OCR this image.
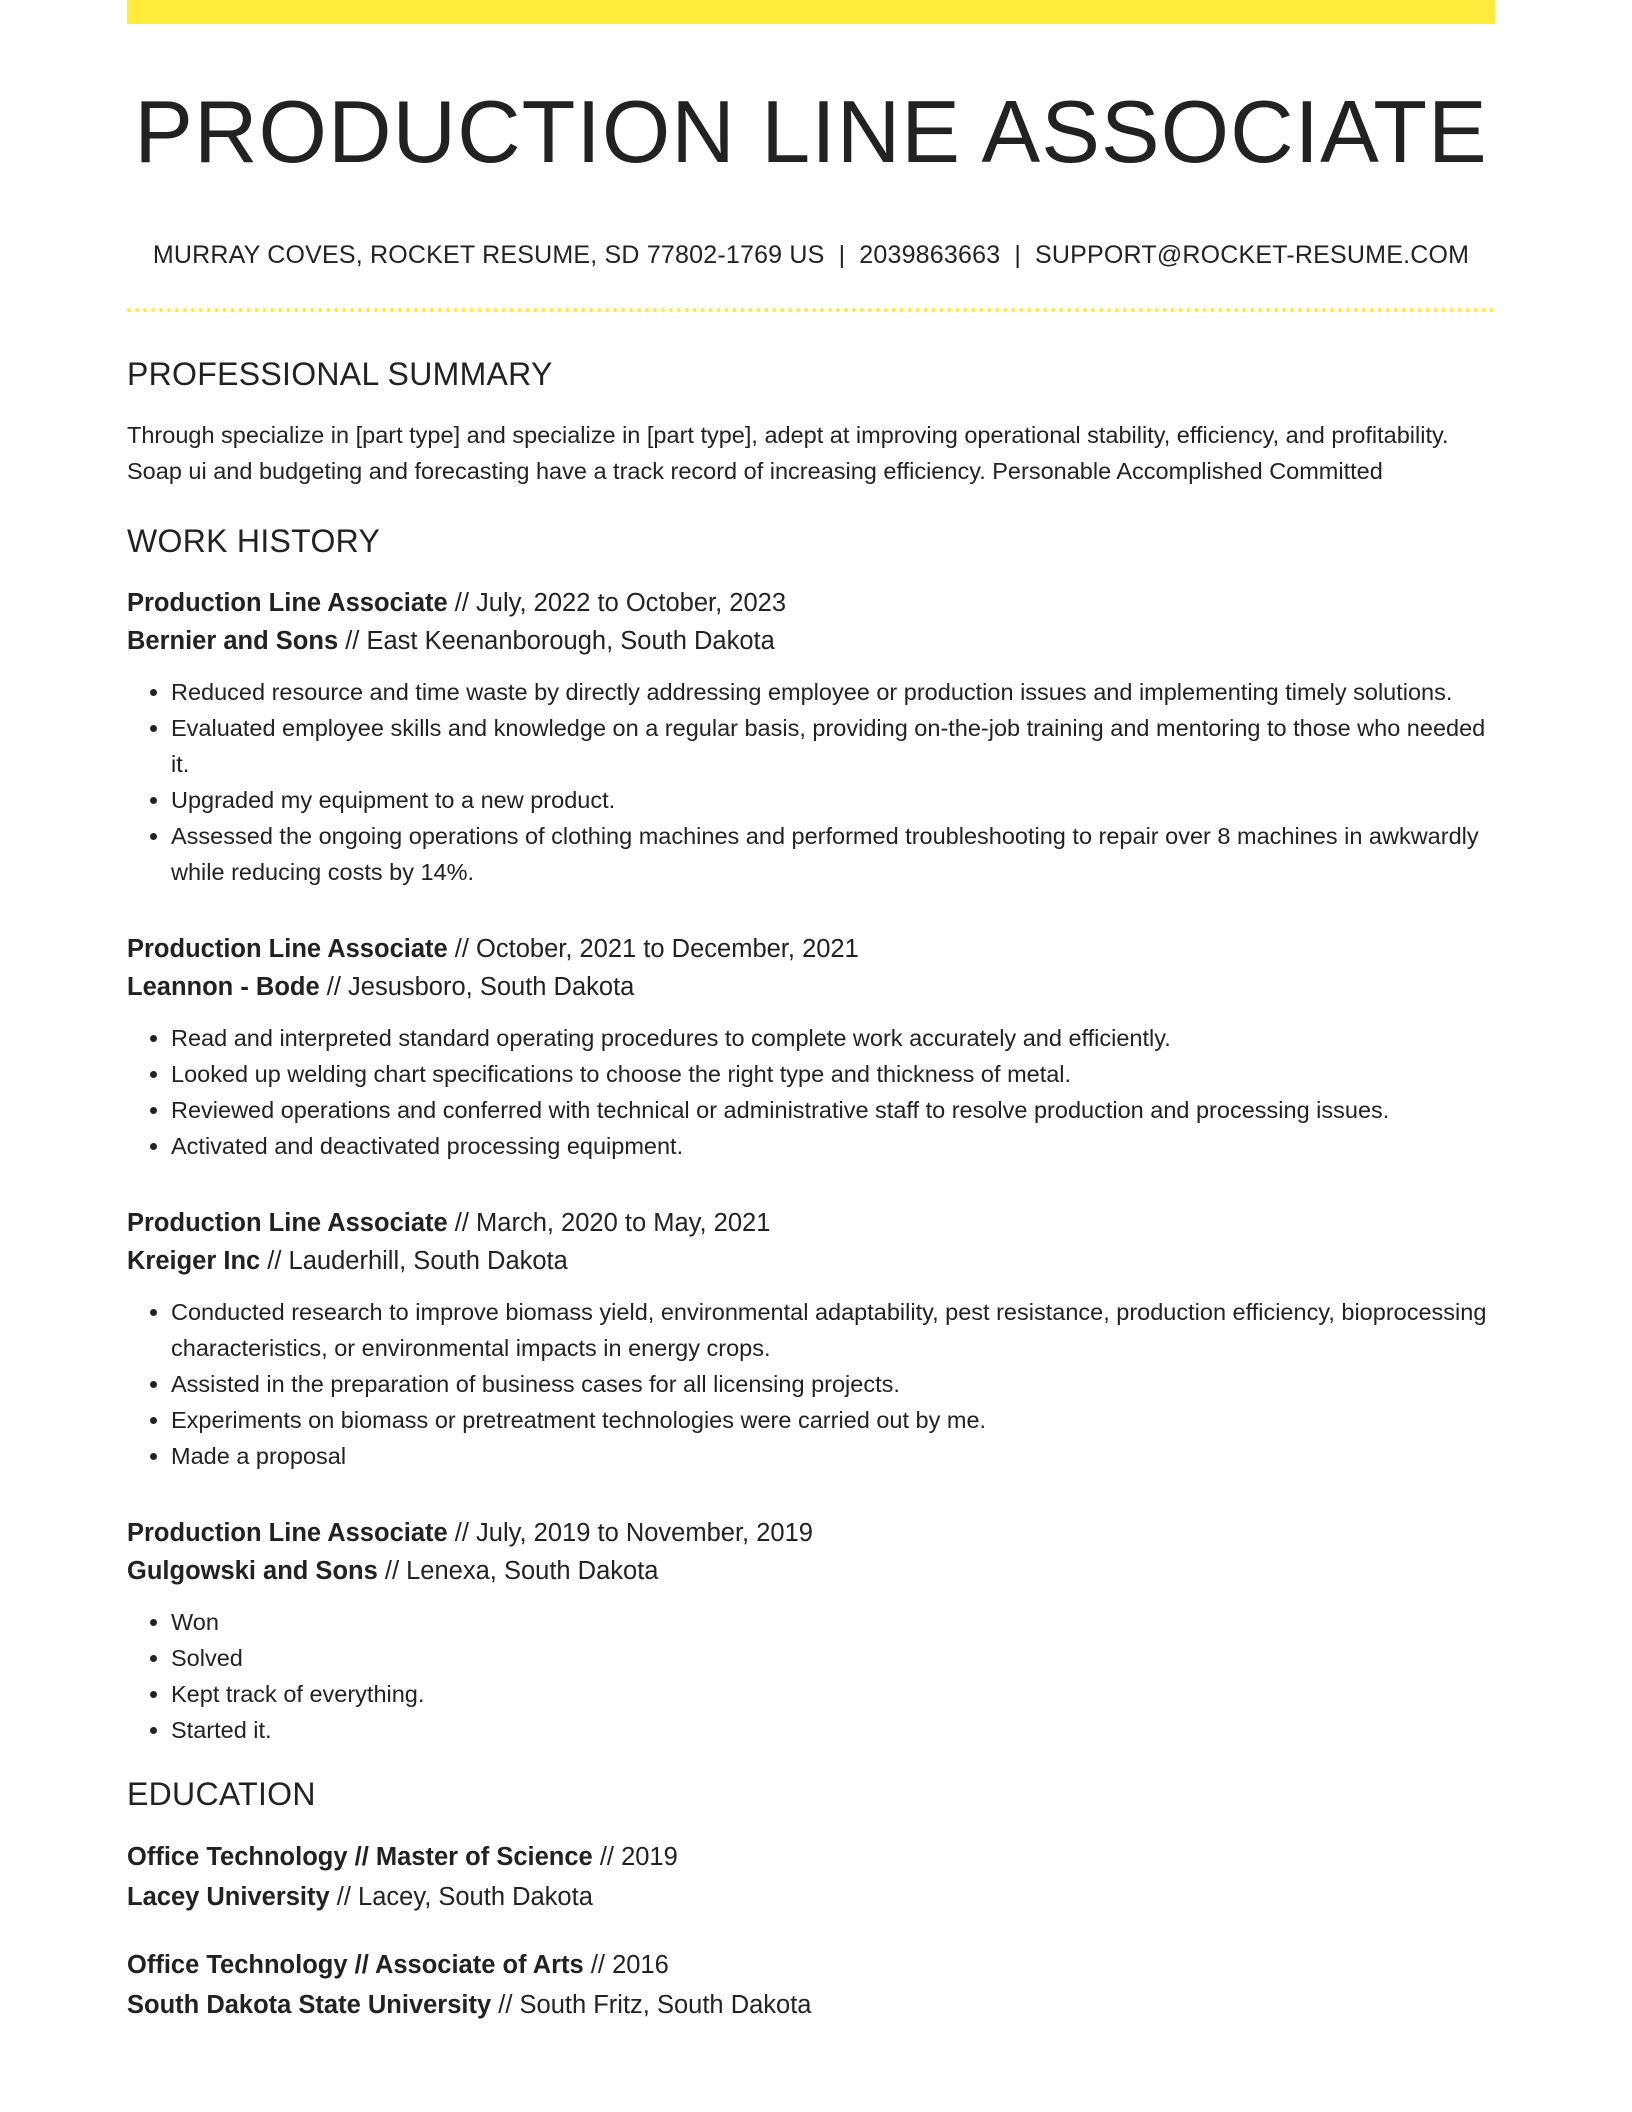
PRODUCTION LINE ASSOCIATE
MURRAY COVES, ROCKET RESUME, SD 77802-1769 US | 2039863663 | SUPPORT@ROCKET-RESUME.COM
PROFESSIONAL SUMMARY
Through specialize in [part type] and specialize in [part type], adept at improving operational stability, efficiency, and profitability. Soap ui and budgeting and forecasting have a track record of increasing efficiency. Personable Accomplished Committed
WORK HISTORY
Production Line Associate // July, 2022 to October, 2023
Bernier and Sons // East Keenanborough, South Dakota
• Reduced resource and time waste by directly addressing employee or production issues and implementing timely solutions.
• Evaluated employee skills and knowledge on a regular basis, providing on-the-job training and mentoring to those who needed it.
• Upgraded my equipment to a new product.
• Assessed the ongoing operations of clothing machines and performed troubleshooting to repair over 8 machines in awkwardly while reducing costs by 14%.
Production Line Associate // October, 2021 to December, 2021
Leannon - Bode // Jesusboro, South Dakota
• Read and interpreted standard operating procedures to complete work accurately and efficiently.
• Looked up welding chart specifications to choose the right type and thickness of metal.
• Reviewed operations and conferred with technical or administrative staff to resolve production and processing issues.
• Activated and deactivated processing equipment.
Production Line Associate // March, 2020 to May, 2021
Kreiger Inc // Lauderhill, South Dakota
• Conducted research to improve biomass yield, environmental adaptability, pest resistance, production efficiency, bioprocessing characteristics, or environmental impacts in energy crops.
• Assisted in the preparation of business cases for all licensing projects.
• Experiments on biomass or pretreatment technologies were carried out by me.
• Made a proposal
Production Line Associate // July, 2019 to November, 2019
Gulgowski and Sons // Lenexa, South Dakota
• Won
• Solved
• Kept track of everything.
• Started it.
EDUCATION
Office Technology // Master of Science // 2019
Lacey University // Lacey, South Dakota
Office Technology // Associate of Arts // 2016
South Dakota State University // South Fritz, South Dakota
